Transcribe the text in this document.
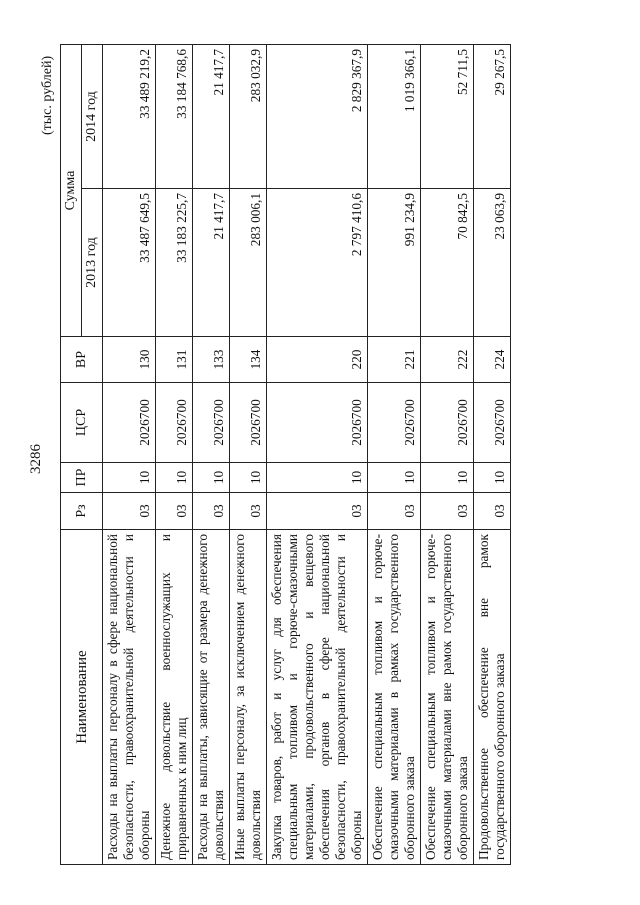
3286
(тыс. рублей)
Наименование	Рз	ПР	ЦСР	ВР	Сумма	
					2013 год	2014 год
Расходы на выплаты персоналу в сфере национальной безопасности, правоохранительной деятельности и обороны	03	10	2026700	130	33 487 649,5	33 489 219,2
Денежное довольствие военнослужащих и приравненных к ним лиц	03	10	2026700	131	33 183 225,7	33 184 768,6
Расходы на выплаты, зависящие от размера денежного довольствия	03	10	2026700	133	21 417,7	21 417,7
Иные выплаты персоналу, за исключением денежного довольствия	03	10	2026700	134	283 006,1	283 032,9
Закупка товаров, работ и услуг для обеспечения специальным топливом и горюче-смазочными материалами, продовольственного и вещевого обеспечения органов в сфере национальной безопасности, правоохранительной деятельности и обороны	03	10	2026700	220	2 797 410,6	2 829 367,9
Обеспечение специальным топливом и горюче-смазочными материалами в рамках государственного оборонного заказа	03	10	2026700	221	991 234,9	1 019 366,1
Обеспечение специальным топливом и горюче-смазочными материалами вне рамок государственного оборонного заказа	03	10	2026700	222	70 842,5	52 711,5
Продовольственное обеспечение вне рамок государственного оборонного заказа	03	10	2026700	224	23 063,9	29 267,5
